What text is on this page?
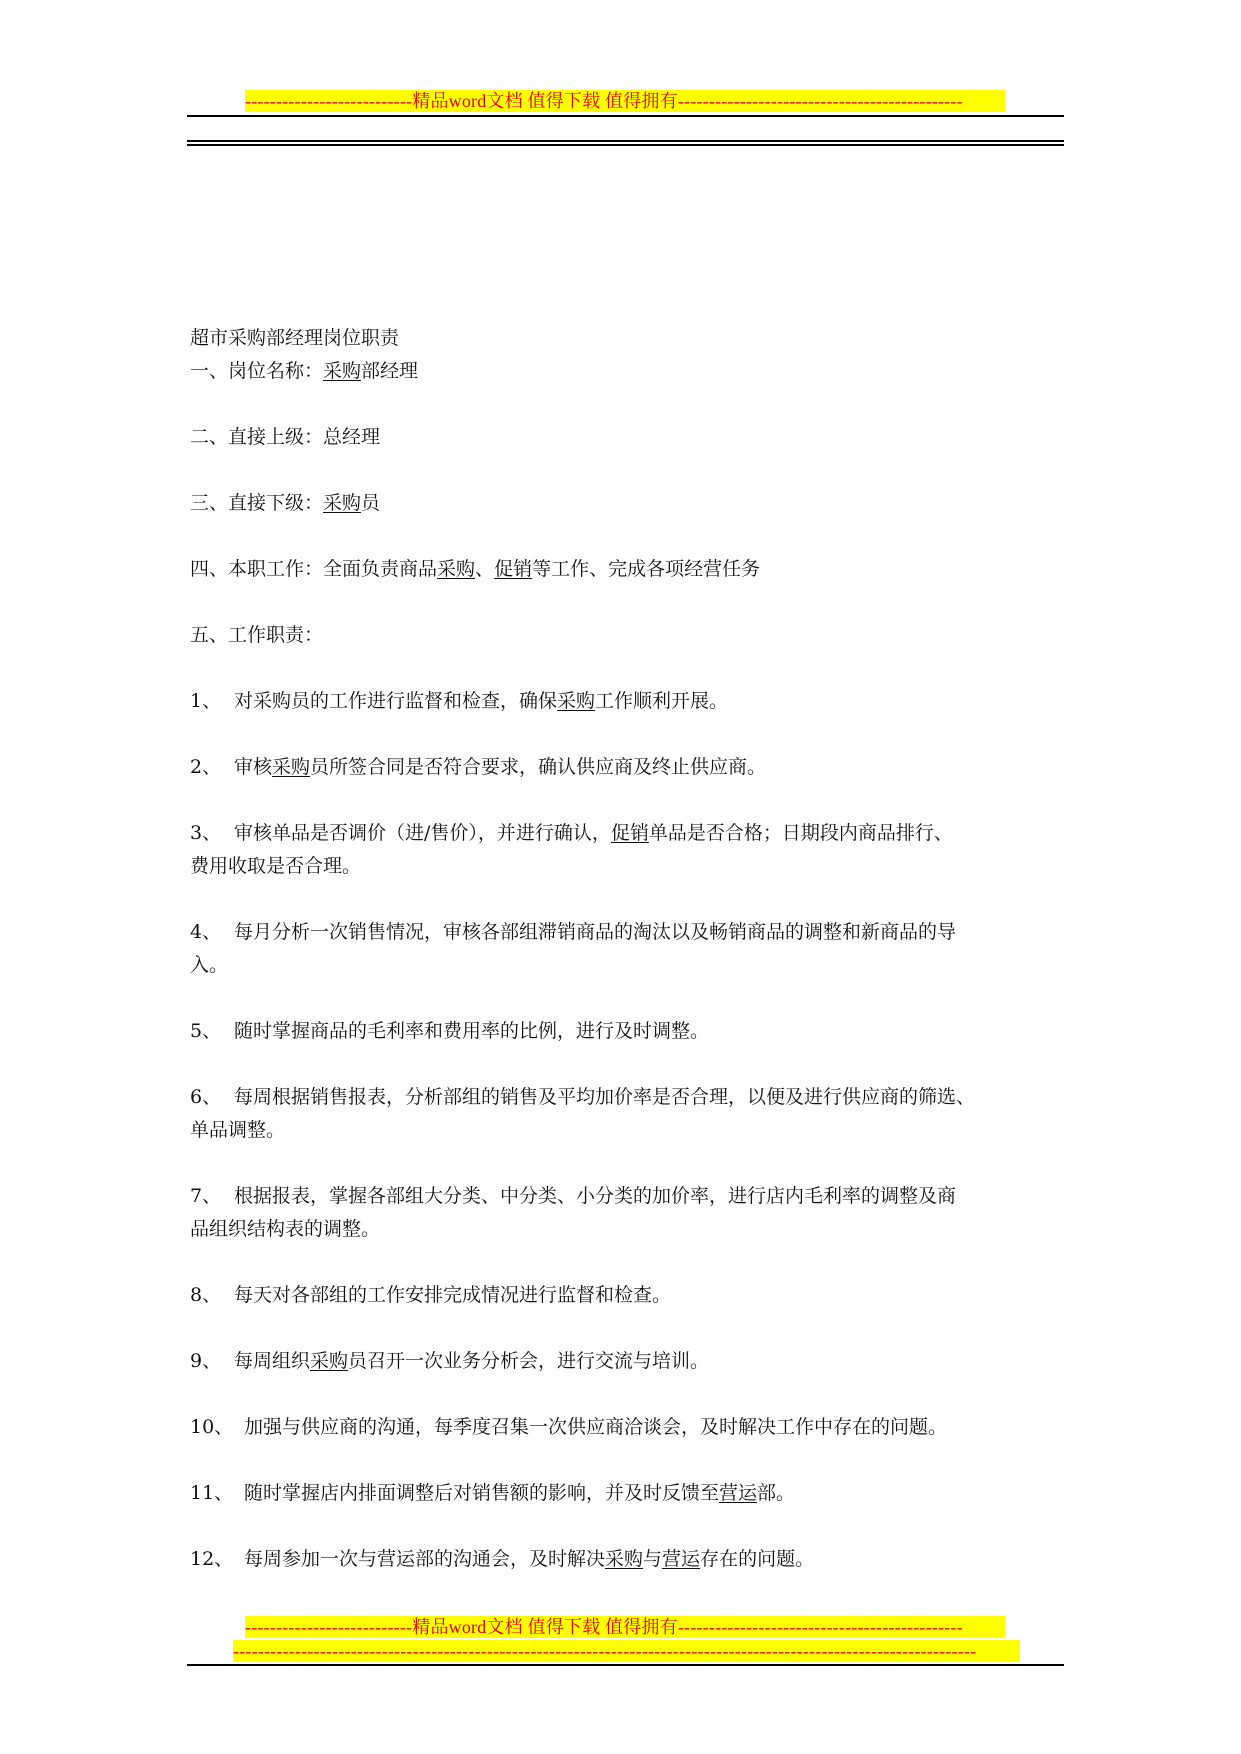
---------------------------精品word文档 值得下载 值得拥有----------------------------------------------

超市采购部经理岗位职责

一、岗位名称：采购部经理

二、直接上级：总经理

三、直接下级：采购员

四、本职工作：全面负责商品采购、促销等工作、完成各项经营任务

五、工作职责：

1、 对采购员的工作进行监督和检查，确保采购工作顺利开展。

2、 审核采购员所签合同是否符合要求，确认供应商及终止供应商。

3、 审核单品是否调价（进/售价），并进行确认，促销单品是否合格；日期段内商品排行、
费用收取是否合理。

4、 每月分析一次销售情况，审核各部组滞销商品的淘汰以及畅销商品的调整和新商品的导
入。

5、 随时掌握商品的毛利率和费用率的比例，进行及时调整。

6、 每周根据销售报表，分析部组的销售及平均加价率是否合理，以便及进行供应商的筛选、
单品调整。

7、 根据报表，掌握各部组大分类、中分类、小分类的加价率，进行店内毛利率的调整及商
品组织结构表的调整。

8、 每天对各部组的工作安排完成情况进行监督和检查。

9、 每周组织采购员召开一次业务分析会，进行交流与培训。

10、 加强与供应商的沟通，每季度召集一次供应商洽谈会，及时解决工作中存在的问题。

11、 随时掌握店内排面调整后对销售额的影响，并及时反馈至营运部。

12、 每周参加一次与营运部的沟通会，及时解决采购与营运存在的问题。

---------------------------精品word文档 值得下载 值得拥有----------------------------------------------
------------------------------------------------------------------------------------------------------------------------
